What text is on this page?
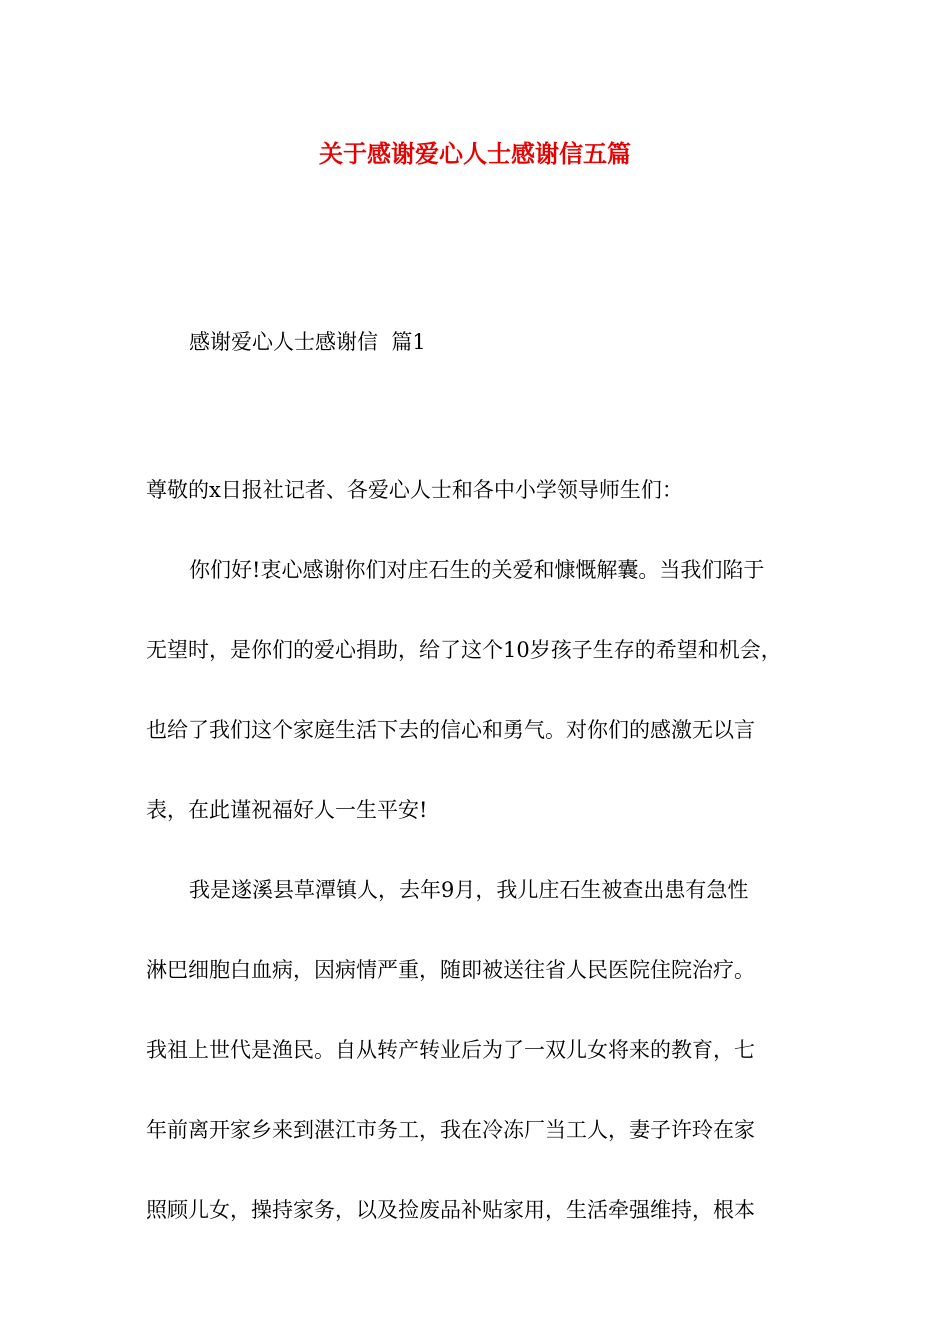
关于感谢爱心人士感谢信五篇
感谢爱心人士感谢信  篇1
尊敬的x日报社记者、各爱心人士和各中小学领导师生们：
你们好!衷心感谢你们对庄石生的关爱和慷慨解囊。当我们陷于
无望时，是你们的爱心捐助，给了这个10岁孩子生存的希望和机会，
也给了我们这个家庭生活下去的信心和勇气。对你们的感激无以言
表，在此谨祝福好人一生平安!
我是遂溪县草潭镇人，去年9月，我儿庄石生被查出患有急性
淋巴细胞白血病，因病情严重，随即被送往省人民医院住院治疗。
我祖上世代是渔民。自从转产转业后为了一双儿女将来的教育，七
年前离开家乡来到湛江市务工，我在冷冻厂当工人，妻子许玲在家
照顾儿女，操持家务，以及捡废品补贴家用，生活牵强维持，根本
